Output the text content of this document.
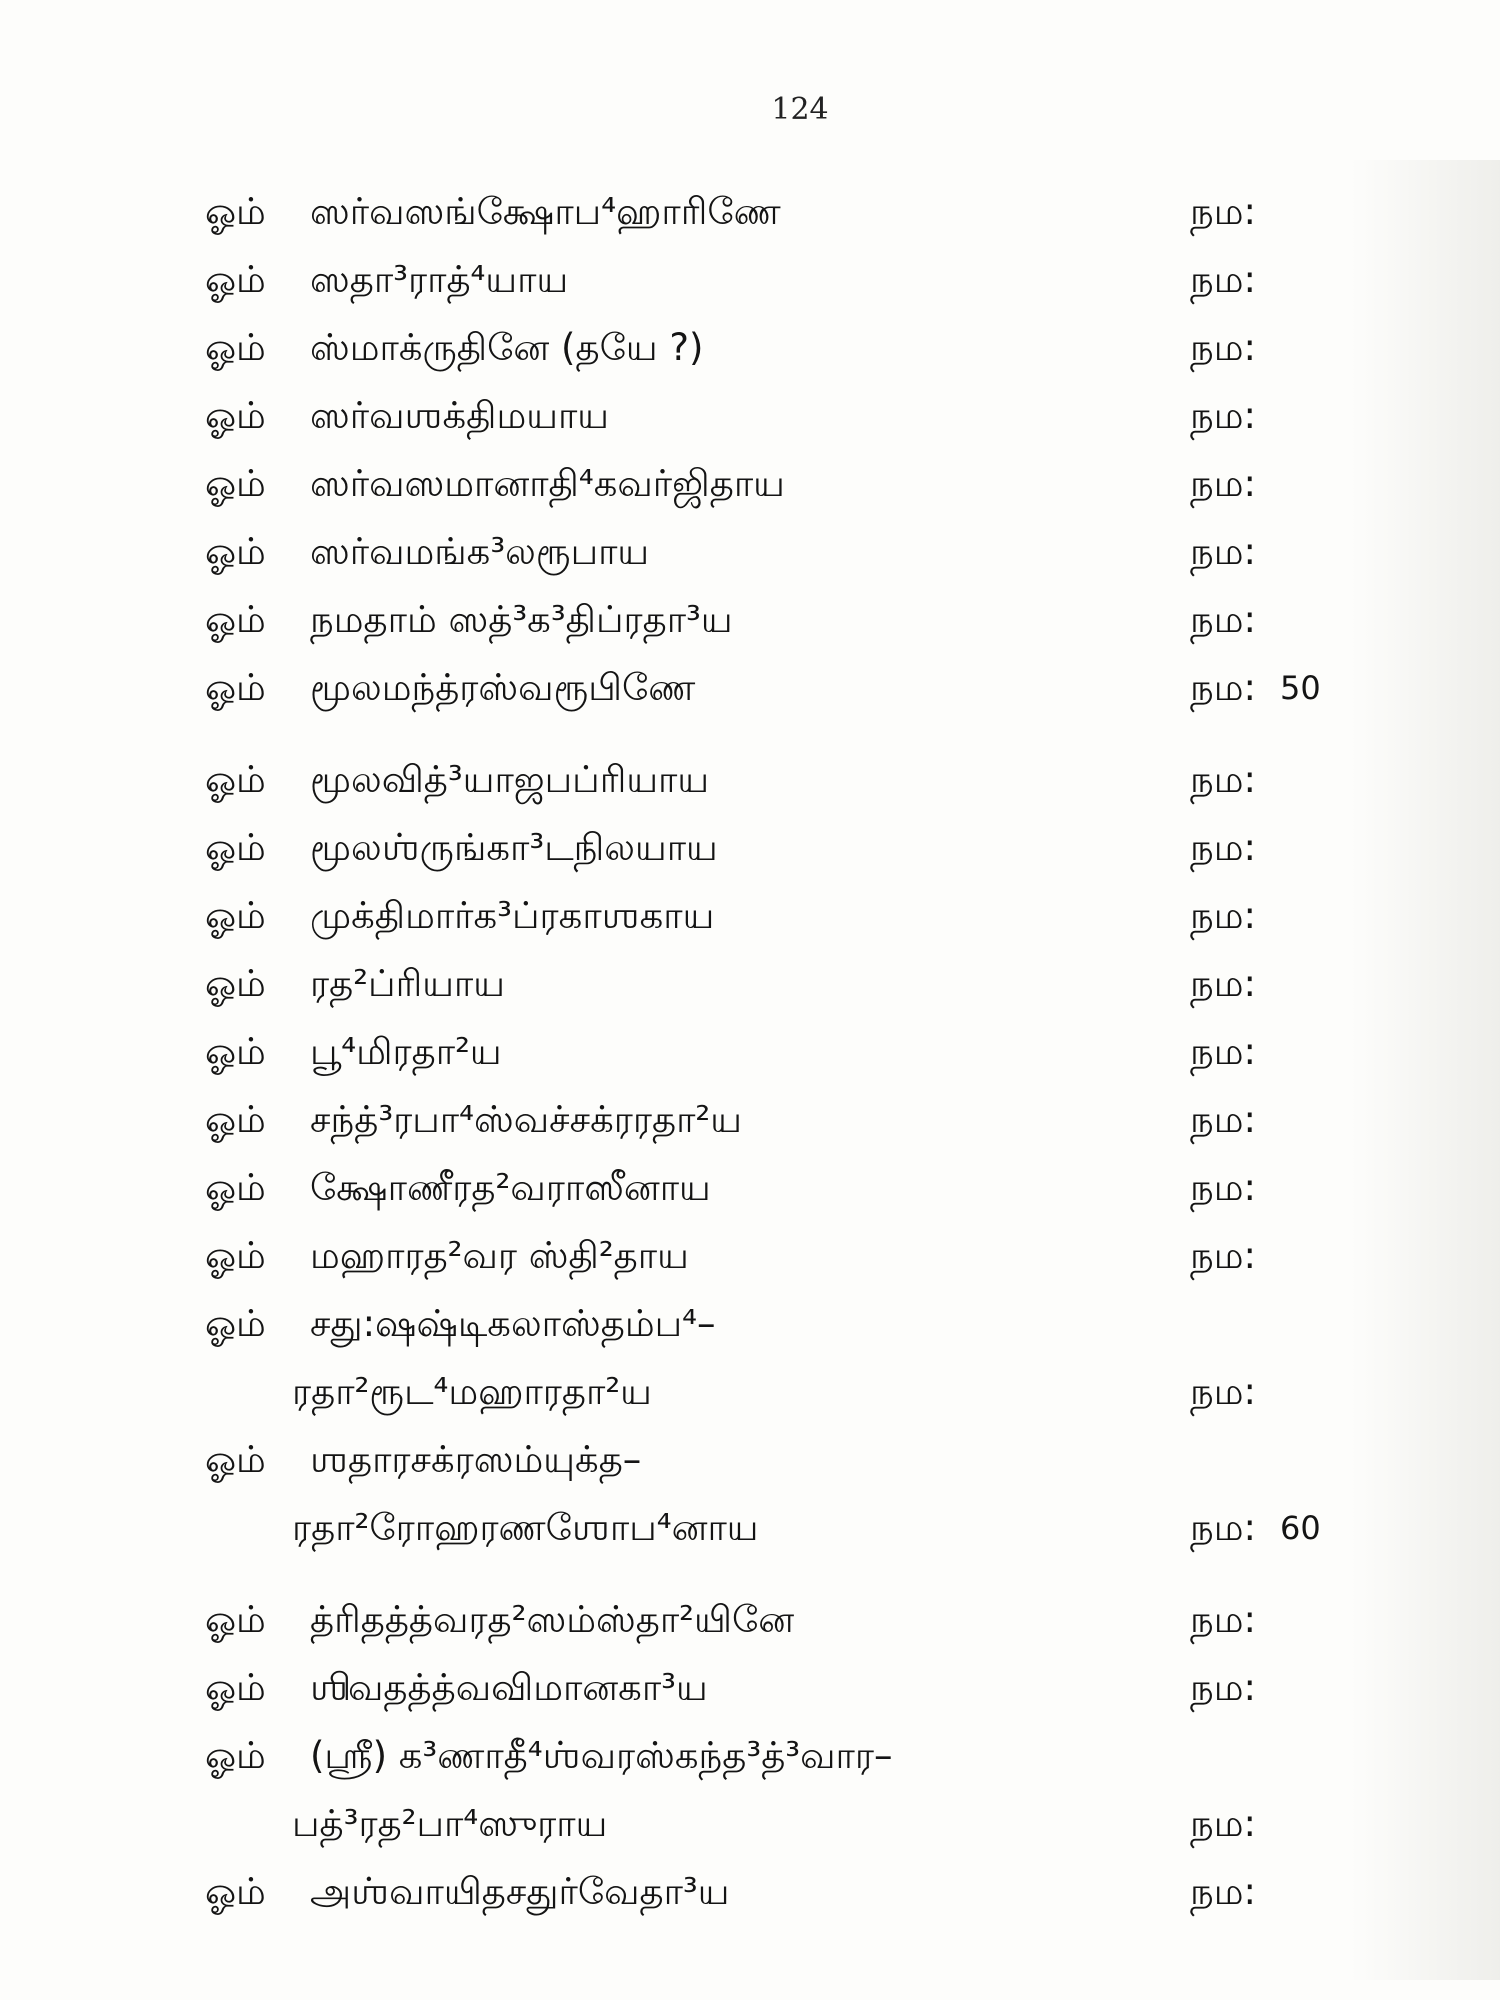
124
ஓம் ஸர்வஸங்க்ஷோப⁴ஹாரிணே	நம:
ஓம் ஸதா³ராத்⁴யாய	நம:
ஓம் ஸ்மாக்ருதினே (தயே ?)	நம:
ஓம் ஸர்வஶக்திமயாய	நம:
ஓம் ஸர்வஸமானாதி⁴கவர்ஜிதாய	நம:
ஓம் ஸர்வமங்க³லரூபாய	நம:
ஓம் நமதாம் ஸத்³க³திப்ரதா³ய	நம:
ஓம் மூலமந்த்ரஸ்வரூபிணே	நம: 50
ஓம் மூலவித்³யாஜபப்ரியாய	நம:
ஓம் மூலஶ்ருங்கா³டநிலயாய	நம:
ஓம் முக்திமார்க³ப்ரகாஶகாய	நம:
ஓம் ரத²ப்ரியாய	நம:
ஓம் பூ⁴மிரதா²ய	நம:
ஓம் சந்த்³ரபா⁴ஸ்வச்சக்ரரதா²ய	நம:
ஓம் க்ஷோணீரத²வராஸீனாய	நம:
ஓம் மஹாரத²வர ஸ்தி²தாய	நம:
ஓம் சது:ஷஷ்டிகலாஸ்தம்ப⁴–
ரதா²ரூட⁴மஹாரதா²ய	நம:
ஓம் ஶதாரசக்ரஸம்யுக்த–
ரதா²ரோஹரணஶோப⁴னாய	நம: 60
ஓம் த்ரிதத்த்வரத²ஸம்ஸ்தா²யினே	நம:
ஓம் ஶிவதத்த்வவிமானகா³ய	நம:
ஓம் (ஶ்ரீ) க³ணாதீ⁴ஶ்வரஸ்கந்த³த்³வார–
பத்³ரத²பா⁴ஸுராய	நம:
ஓம் அஶ்வாயிதசதுர்வேதா³ய	நம:
